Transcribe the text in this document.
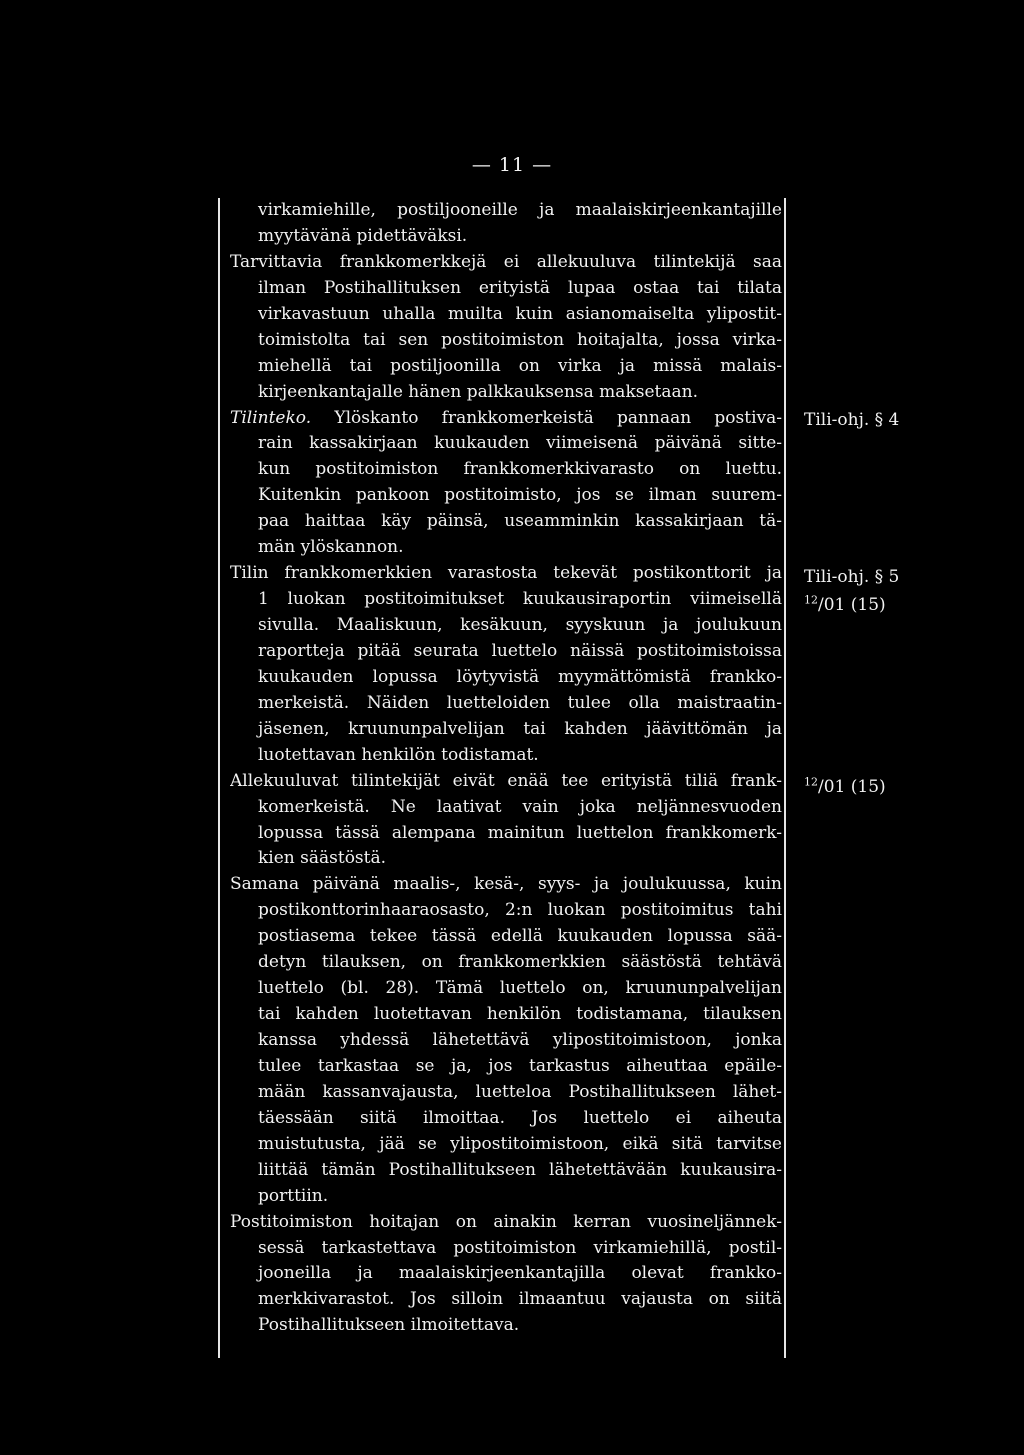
— 11 —
virkamiehille, postiljooneille ja maalaiskirjeenkantajille
myytävänä pidettäväksi.
Tarvittavia frankkomerkkejä ei allekuuluva tilintekijä saa
ilman Postihallituksen erityistä lupaa ostaa tai tilata
virkavastuun uhalla muilta kuin asianomaiselta ylipostit-
toimistolta tai sen postitoimiston hoitajalta, jossa virka-
miehellä tai postiljoonilla on virka ja missä malais-
kirjeenkantajalle hänen palkkauksensa maksetaan.
Tilinteko. Ylöskanto frankkomerkeistä pannaan postiva-
rain kassakirjaan kuukauden viimeisenä päivänä sitte-
kun postitoimiston frankkomerkkivarasto on luettu.
Kuitenkin pankoon postitoimisto, jos se ilman suurem-
paa haittaa käy päinsä, useamminkin kassakirjaan tä-
män ylöskannon.
Tilin frankkomerkkien varastosta tekevät postikonttorit ja
1 luokan postitoimitukset kuukausiraportin viimeisellä
sivulla. Maaliskuun, kesäkuun, syyskuun ja joulukuun
raportteja pitää seurata luettelo näissä postitoimistoissa
kuukauden lopussa löytyvistä myymättömistä frankko-
merkeistä. Näiden luetteloiden tulee olla maistraatin-
jäsenen, kruununpalvelijan tai kahden jäävittömän ja
luotettavan henkilön todistamat.
Allekuuluvat tilintekijät eivät enää tee erityistä tiliä frank-
komerkeistä. Ne laativat vain joka neljännesvuoden
lopussa tässä alempana mainitun luettelon frankkomerk-
kien säästöstä.
Samana päivänä maalis-, kesä-, syys- ja joulukuussa, kuin
postikonttorinhaaraosasto, 2:n luokan postitoimitus tahi
postiasema tekee tässä edellä kuukauden lopussa sää-
detyn tilauksen, on frankkomerkkien säästöstä tehtävä
luettelo (bl. 28). Tämä luettelo on, kruununpalvelijan
tai kahden luotettavan henkilön todistamana, tilauksen
kanssa yhdessä lähetettävä ylipostitoimistoon, jonka
tulee tarkastaa se ja, jos tarkastus aiheuttaa epäile-
mään kassanvajausta, luetteloa Postihallitukseen lähet-
täessään siitä ilmoittaa. Jos luettelo ei aiheuta
muistutusta, jää se ylipostitoimistoon, eikä sitä tarvitse
liittää tämän Postihallitukseen lähetettävään kuukausira-
porttiin.
Postitoimiston hoitajan on ainakin kerran vuosineljännek-
sessä tarkastettava postitoimiston virkamiehillä, postil-
jooneilla ja maalaiskirjeenkantajilla olevat frankko-
merkkivarastot. Jos silloin ilmaantuu vajausta on siitä
Postihallitukseen ilmoitettava.
Tili-ohj. § 4
Tili-ohj. § 5
$^{12}$/01 (15)
$^{12}$/01 (15)
